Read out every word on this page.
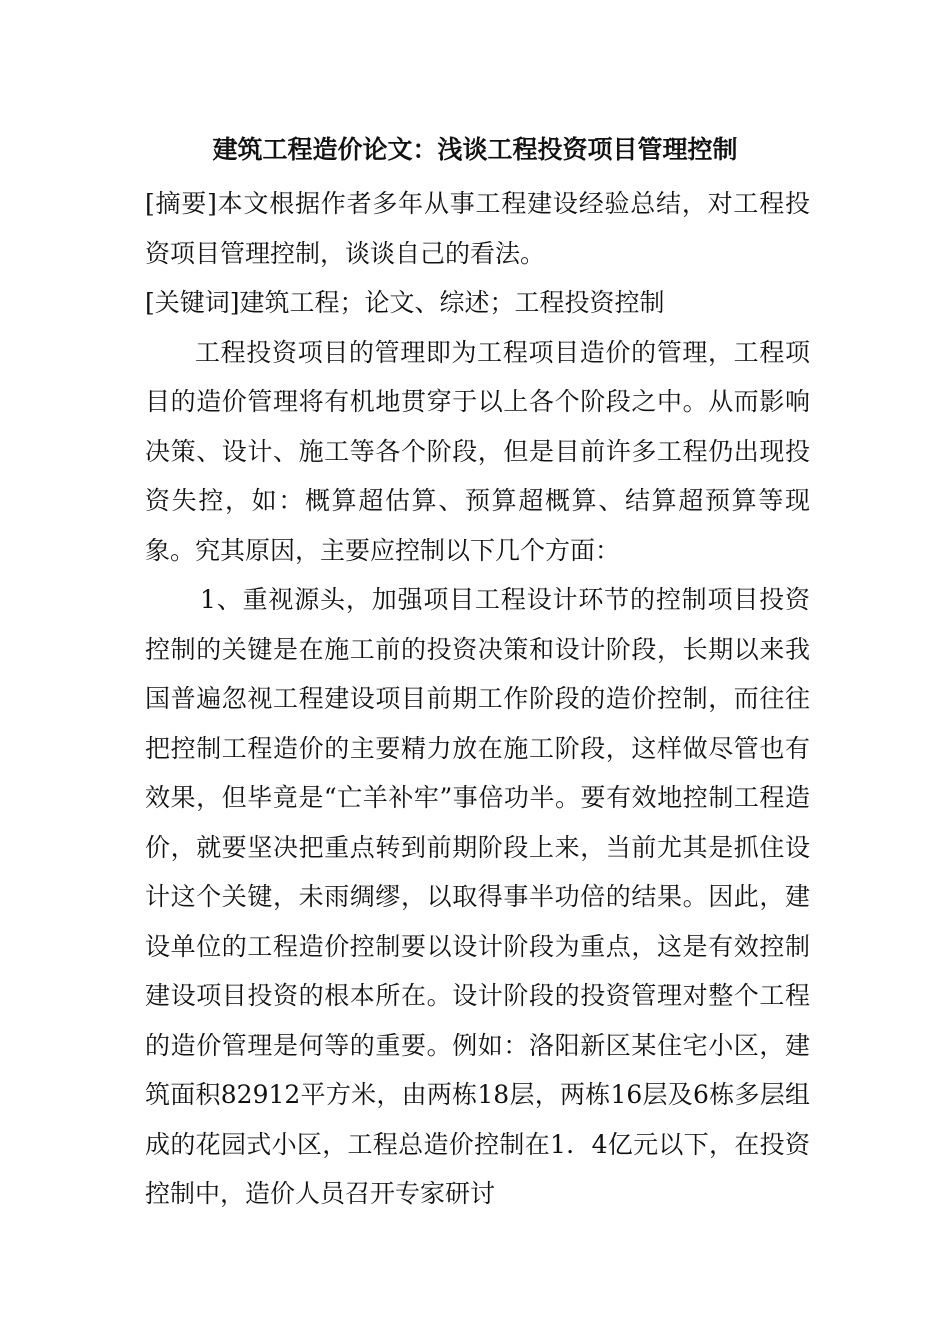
建筑工程造价论文：浅谈工程投资项目管理控制

[摘要]本文根据作者多年从事工程建设经验总结，对工程投资项目管理控制，谈谈自己的看法。

[关键词]建筑工程；论文、综述；工程投资控制

工程投资项目的管理即为工程项目造价的管理，工程项目的造价管理将有机地贯穿于以上各个阶段之中。从而影响决策、设计、施工等各个阶段，但是目前许多工程仍出现投资失控，如：概算超估算、预算超概算、结算超预算等现象。究其原因，主要应控制以下几个方面：

1、重视源头，加强项目工程设计环节的控制项目投资控制的关键是在施工前的投资决策和设计阶段，长期以来我国普遍忽视工程建设项目前期工作阶段的造价控制，而往往把控制工程造价的主要精力放在施工阶段，这样做尽管也有效果，但毕竟是“亡羊补牢”事倍功半。要有效地控制工程造价，就要坚决把重点转到前期阶段上来，当前尤其是抓住设计这个关键，未雨绸缪，以取得事半功倍的结果。因此，建设单位的工程造价控制要以设计阶段为重点，这是有效控制建设项目投资的根本所在。设计阶段的投资管理对整个工程的造价管理是何等的重要。例如：洛阳新区某住宅小区，建筑面积82912平方米，由两栋18层，两栋16层及6栋多层组成的花园式小区，工程总造价控制在1．4亿元以下，在投资控制中，造价人员召开专家研讨
